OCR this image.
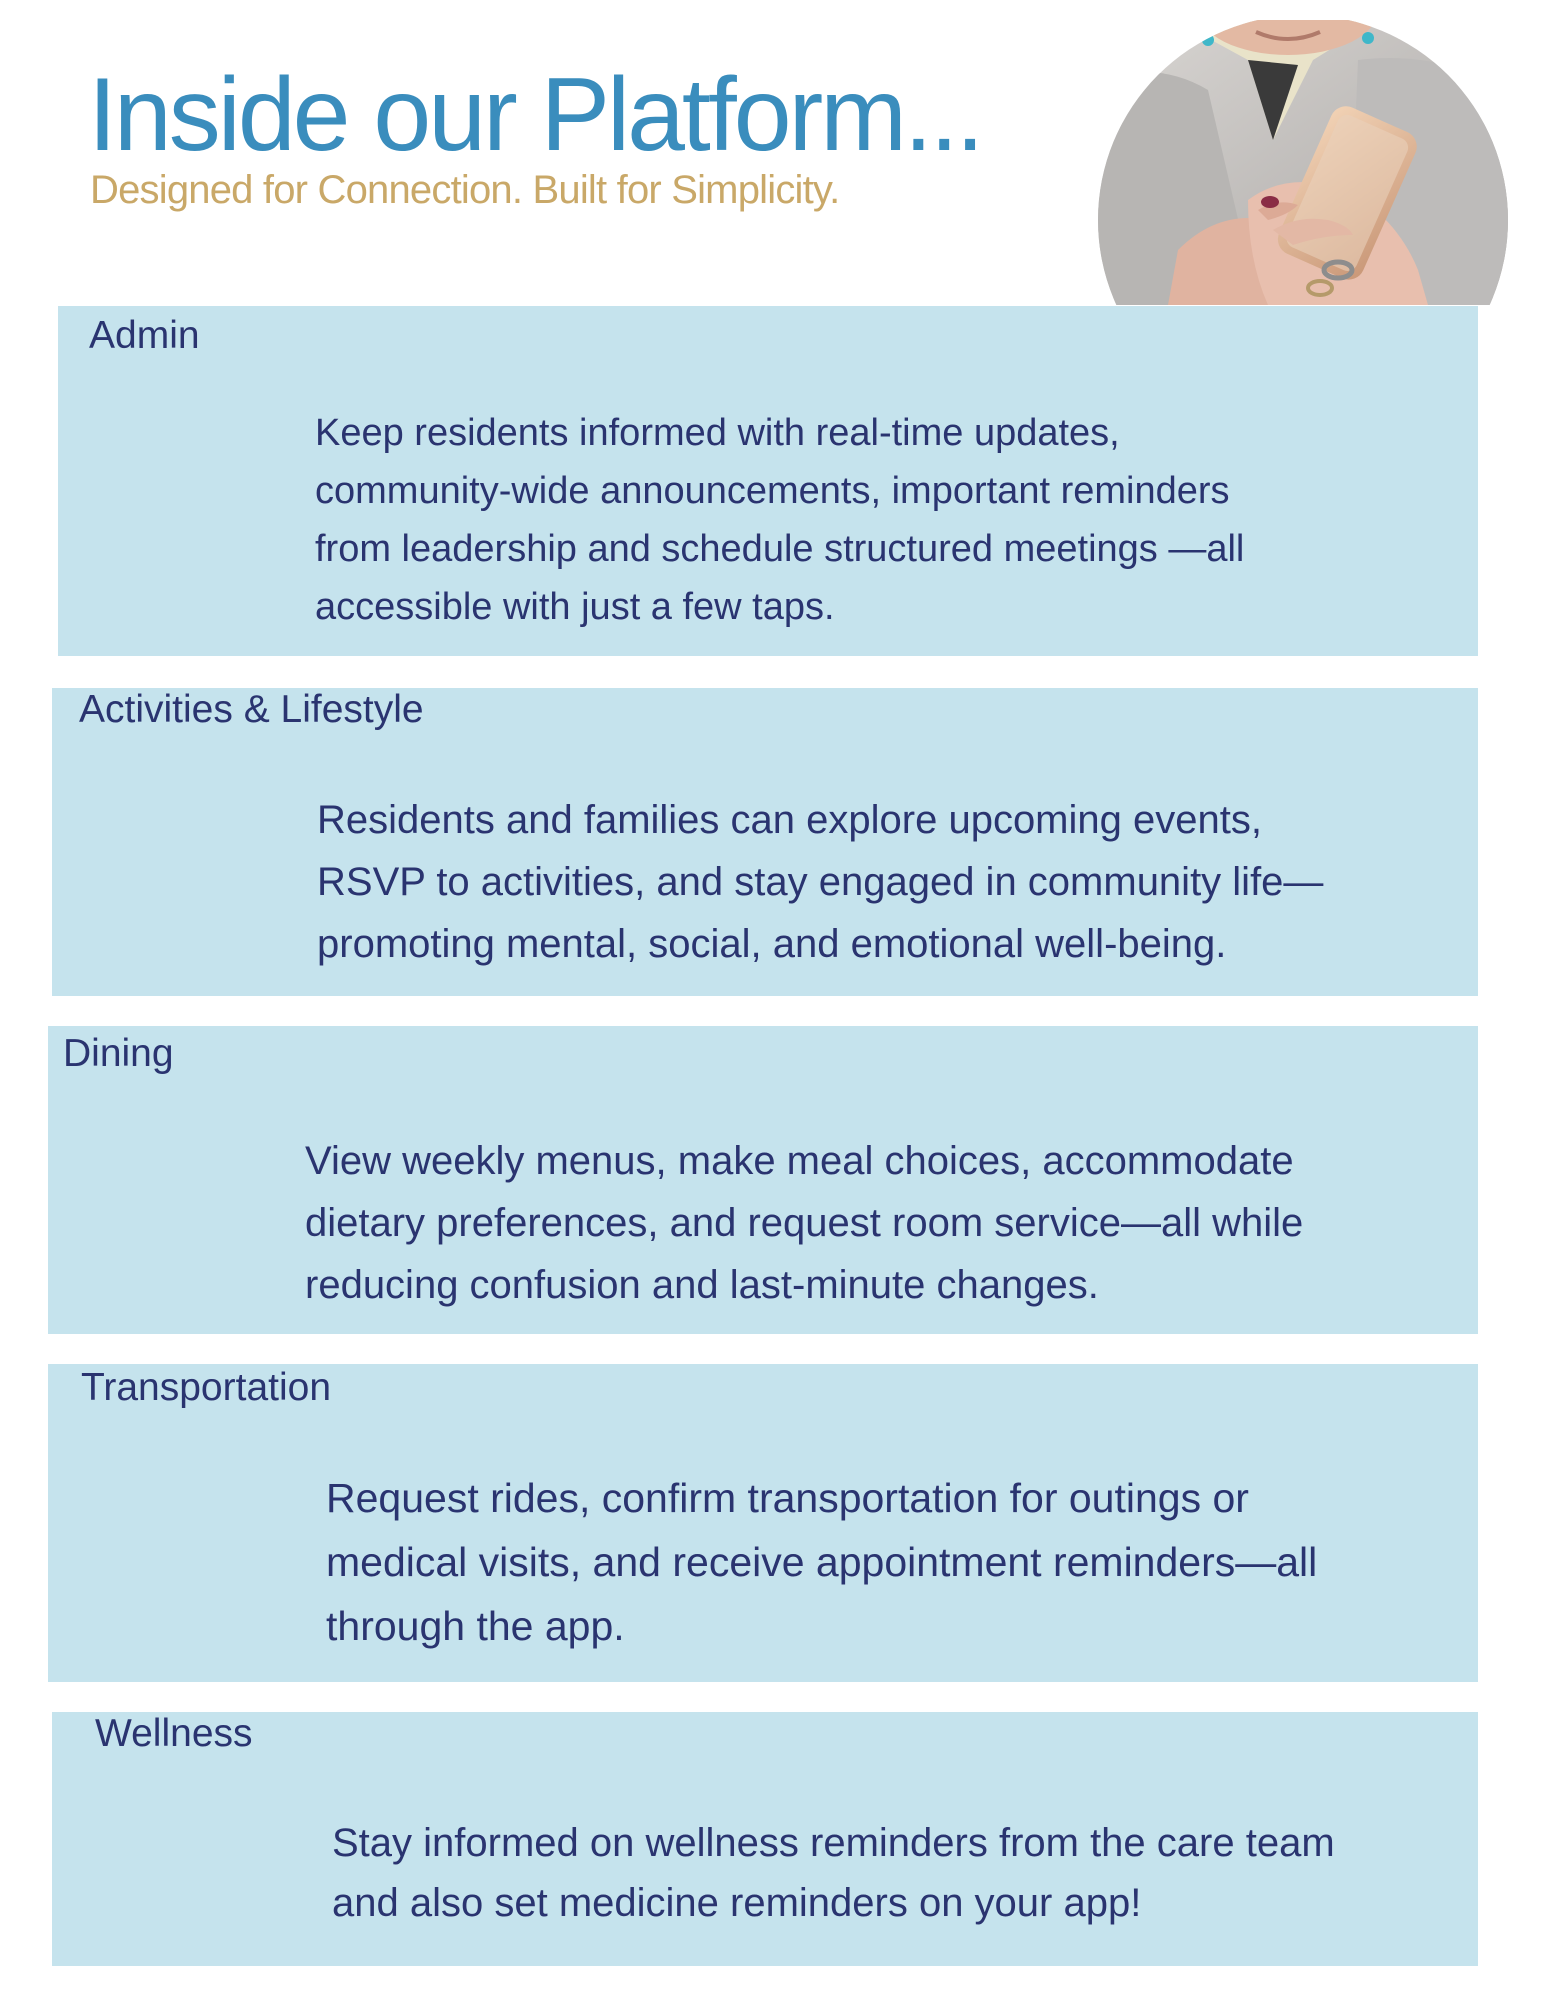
Inside our Platform...

Designed for Connection. Built for Simplicity.

Admin

Keep residents informed with real-time updates,
community-wide announcements, important reminders
from leadership and schedule structured meetings —all
accessible with just a few taps.

Activities & Lifestyle

Residents and families can explore upcoming events,
RSVP to activities, and stay engaged in community life—
promoting mental, social, and emotional well-being.

Dining

View weekly menus, make meal choices, accommodate
dietary preferences, and request room service—all while
reducing confusion and last-minute changes.

Transportation

Request rides, confirm transportation for outings or
medical visits, and receive appointment reminders—all
through the app.

Wellness

Stay informed on wellness reminders from the care team
and also set medicine reminders on your app!
